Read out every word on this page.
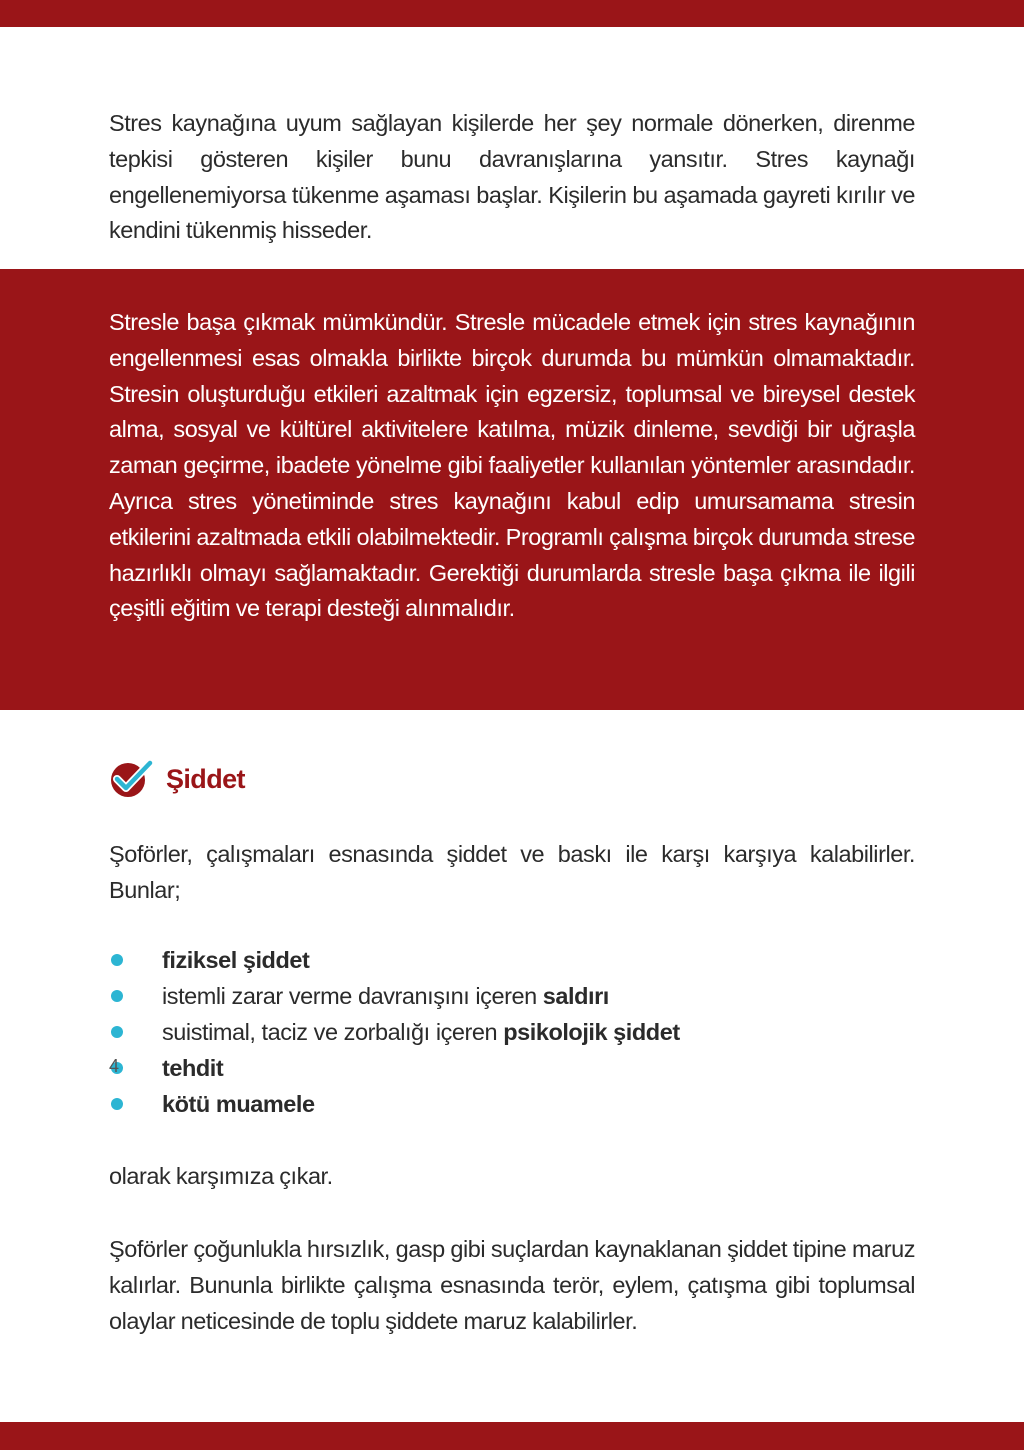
Stres kaynağına uyum sağlayan kişilerde her şey normale dönerken, direnme tepkisi gösteren kişiler bunu davranışlarına yansıtır. Stres kaynağı engellenemiyorsa tükenme aşaması başlar. Kişilerin bu aşamada gayreti kırılır ve kendini tükenmiş hisseder.

Stresle başa çıkmak mümkündür. Stresle mücadele etmek için stres kaynağının engellenmesi esas olmakla birlikte birçok durumda bu mümkün olmamaktadır. Stresin oluşturduğu etkileri azaltmak için egzersiz, toplumsal ve bireysel destek alma, sosyal ve kültürel aktivitelere katılma, müzik dinleme, sevdiği bir uğraşla zaman geçirme, ibadete yönelme gibi faaliyetler kullanılan yöntemler arasındadır. Ayrıca stres yönetiminde stres kaynağını kabul edip umursamama stresin etkilerini azaltmada etkili olabilmektedir. Programlı çalışma birçok durumda strese hazırlıklı olmayı sağlamaktadır. Gerektiği durumlarda stresle başa çıkma ile ilgili çeşitli eğitim ve terapi desteği alınmalıdır.

Şiddet

Şoförler, çalışmaları esnasında şiddet ve baskı ile karşı karşıya kalabilirler. Bunlar;

fiziksel şiddet
istemli zarar verme davranışını içeren saldırı
suistimal, taciz ve zorbalığı içeren psikolojik şiddet
tehdit
kötü muamele

olarak karşımıza çıkar.

Şoförler çoğunlukla hırsızlık, gasp gibi suçlardan kaynaklanan şiddet tipine maruz kalırlar. Bununla birlikte çalışma esnasında terör, eylem, çatışma gibi toplumsal olaylar neticesinde de toplu şiddete maruz kalabilirler.

4
